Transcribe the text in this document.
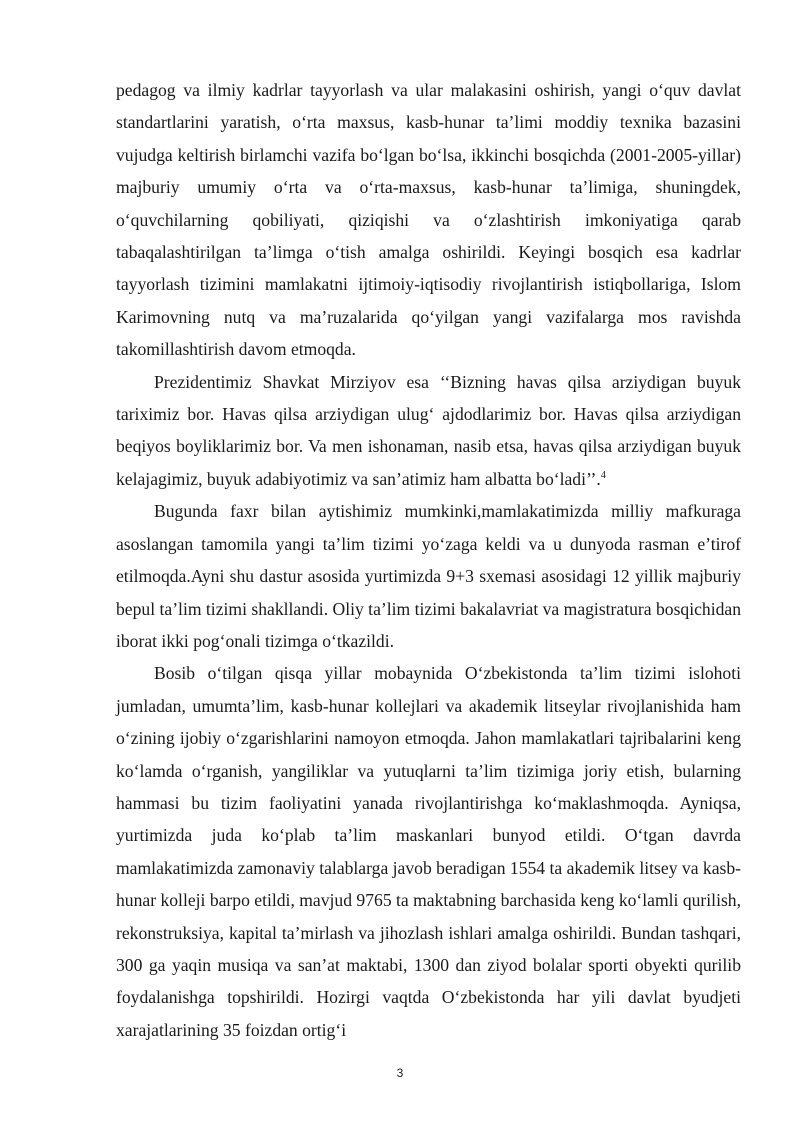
pedagog va ilmiy kadrlar tayyorlash va ular malakasini oshirish, yangi o‘quv davlat standartlarini yaratish, o‘rta maxsus, kasb-hunar ta’limi moddiy texnika bazasini vujudga keltirish birlamchi vazifa bo‘lgan bo‘lsa, ikkinchi bosqichda (2001-2005-yillar) majburiy umumiy o‘rta va o‘rta-maxsus, kasb-hunar ta’limiga, shuningdek, o‘quvchilarning qobiliyati, qiziqishi va o‘zlashtirish imkoniyatiga qarab tabaqalashtirilgan ta’limga o‘tish amalga oshirildi. Keyingi bosqich esa kadrlar tayyorlash tizimini mamlakatni ijtimoiy-iqtisodiy rivojlantirish istiqbollariga, Islom Karimovning nutq va ma’ruzalarida qo‘yilgan yangi vazifalarga mos ravishda takomillashtirish davom etmoqda.

Prezidentimiz Shavkat Mirziyov esa ‘‘Bizning havas qilsa arziydigan buyuk tariximiz bor. Havas qilsa arziydigan ulug‘ ajdodlarimiz bor. Havas qilsa arziydigan beqiyos boyliklarimiz bor. Va men ishonaman, nasib etsa, havas qilsa arziydigan buyuk kelajagimiz, buyuk adabiyotimiz va san’atimiz ham albatta bo‘ladi’’.$^4$

Bugunda faxr bilan aytishimiz mumkinki,mamlakatimizda milliy mafkuraga asoslangan tamomila yangi ta’lim tizimi yo‘zaga keldi va u dunyoda rasman e’tirof etilmoqda.Ayni shu dastur asosida yurtimizda 9+3 sxemasi asosidagi 12 yillik majburiy bepul ta’lim tizimi shakllandi. Oliy ta’lim tizimi bakalavriat va magistratura bosqichidan iborat ikki pog‘onali tizimga o‘tkazildi.

Bosib o‘tilgan qisqa yillar mobaynida O‘zbekistonda ta’lim tizimi islohoti jumladan, umumta’lim, kasb-hunar kollejlari va akademik litseylar rivojlanishida ham o‘zining ijobiy o‘zgarishlarini namoyon etmoqda. Jahon mamlakatlari tajribalarini keng ko‘lamda o‘rganish, yangiliklar va yutuqlarni ta’lim tizimiga joriy etish, bularning hammasi bu tizim faoliyatini yanada rivojlantirishga ko‘maklashmoqda. Ayniqsa, yurtimizda juda ko‘plab ta’lim maskanlari bunyod etildi. O‘tgan davrda mamlakatimizda zamonaviy talablarga javob beradigan 1554 ta akademik litsey va kasb-hunar kolleji barpo etildi, mavjud 9765 ta maktabning barchasida keng ko‘lamli qurilish, rekonstruksiya, kapital ta’mirlash va jihozlash ishlari amalga oshirildi. Bundan tashqari, 300 ga yaqin musiqa va san’at maktabi, 1300 dan ziyod bolalar sporti obyekti qurilib foydalanishga topshirildi. Hozirgi vaqtda O‘zbekistonda har yili davlat byudjeti xarajatlarining 35 foizdan ortig‘i

3
